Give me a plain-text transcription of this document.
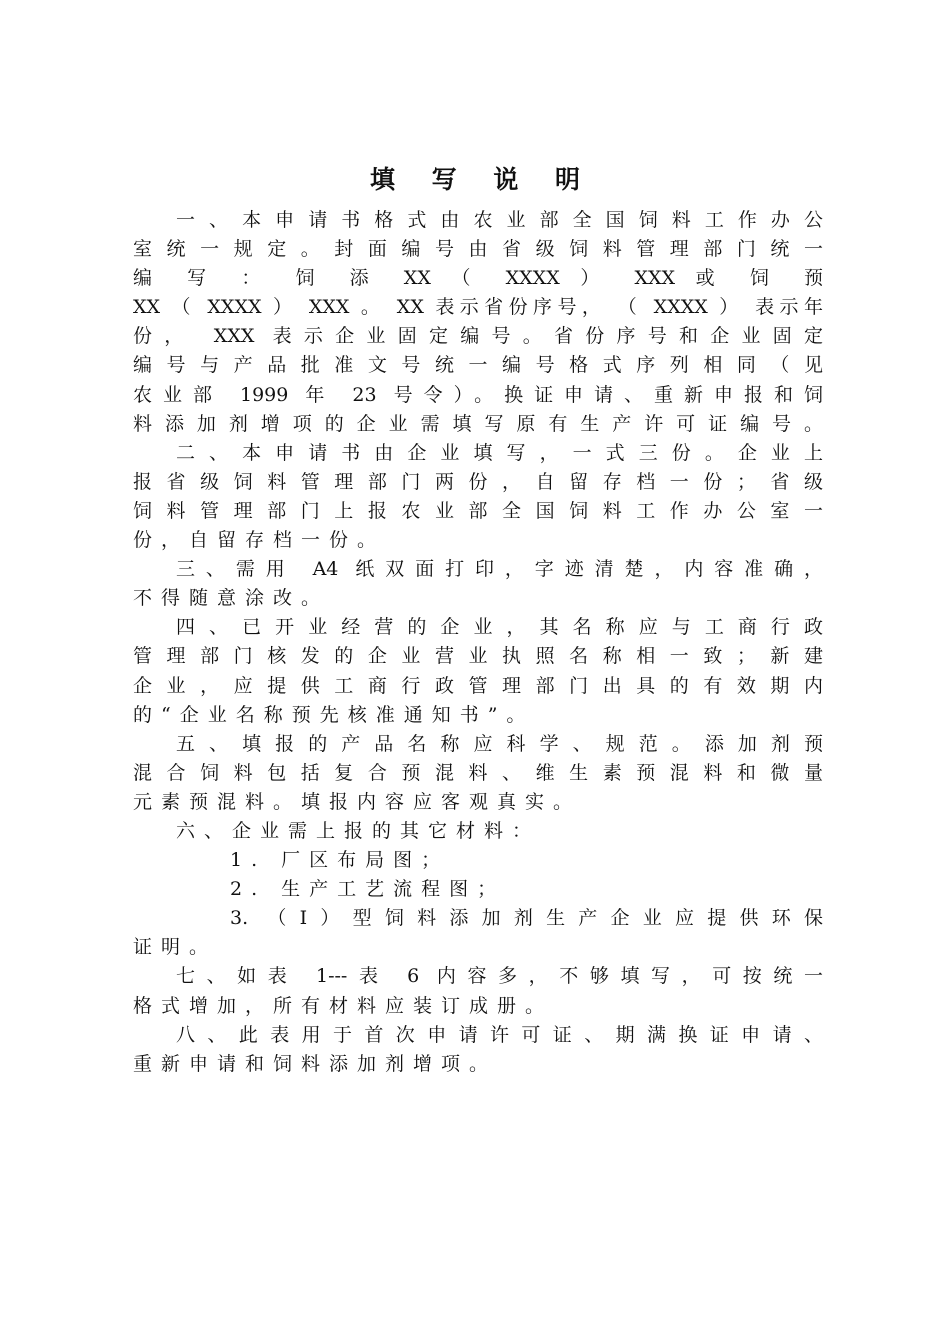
填 写 说 明
一、本申请书格式由农业部全国饲料工作办公
室统一规定。封面编号由省级饲料管理部门统一
编 写 ： 饲 添 XX （ XXXX ） XXX 或 饲 预
XX （ XXXX ） XXX 。 XX 表示省份序号， （ XXXX ） 表示年
份， XXX 表示企业固定编号。省份序号和企业固定
编号与产品批准文号统一编号格式序列相同（见
农业部 1999 年 23 号令）。换证申请、重新申报和饲
料添加剂增项的企业需填写原有生产许可证编号。
二、本申请书由企业填写，一式三份。企业上
报省级饲料管理部门两份，自留存档一份；省级
饲料管理部门上报农业部全国饲料工作办公室一
份，自留存档一份。
三、需用 A4 纸双面打印，字迹清楚，内容准确，
不得随意涂改。
四、已开业经营的企业，其名称应与工商行政
管理部门核发的企业营业执照名称相一致；新建
企业，应提供工商行政管理部门出具的有效期内
的“企业名称预先核准通知书”。
五、填报的产品名称应科学、规范。添加剂预
混合饲料包括复合预混料、维生素预混料和微量
元素预混料。填报内容应客观真实。
六、企业需上报的其它材料：
1. 厂区布局图；
2. 生产工艺流程图；
3. （Ⅰ）型饲料添加剂生产企业应提供环保
证明。
七、如表 1---表 6 内容多，不够填写，可按统一
格式增加，所有材料应装订成册。
八、此表用于首次申请许可证、期满换证申请、
重新申请和饲料添加剂增项。
